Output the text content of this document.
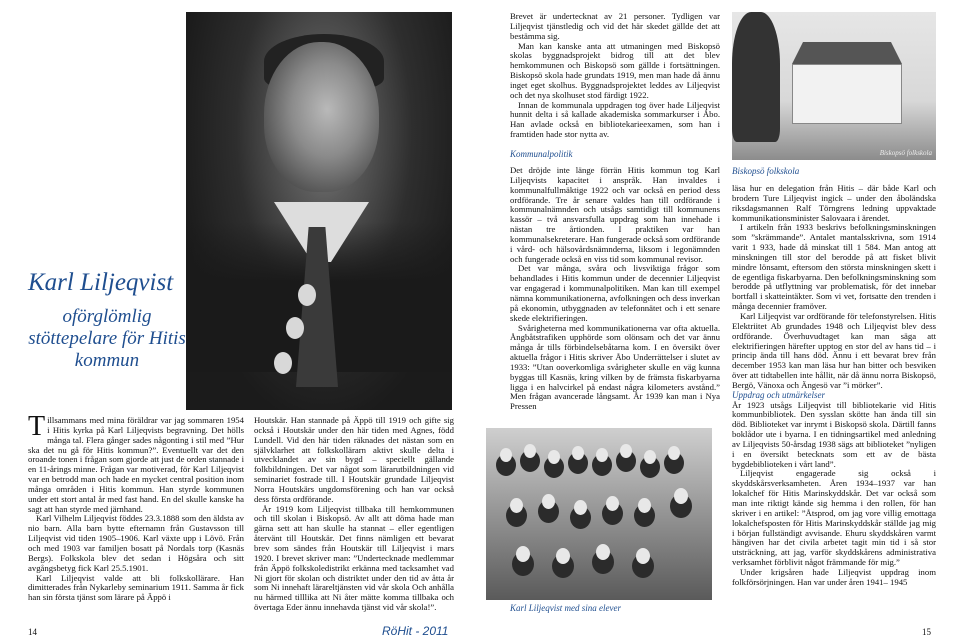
Karl Liljeqvist
oförglömlig stöttepelare för Hitis kommun

Tillsammans med mina föräldrar var jag sommaren 1954 i Hitis kyrka på Karl Liljeqvists begravning. Det hölls många tal. Flera gånger sades någonting i stil med ”Hur ska det nu gå för Hitis kommun?”. Eventuellt var det den oroande tonen i frågan som gjorde att just de orden stannade i en 11-årings minne. Frågan var motiverad, för Karl Liljeqvist var en betrodd man och hade en mycket central position inom många områden i Hitis kommun. Han styrde kommunen under ett stort antal år med fast hand. En del skulle kanske ha sagt att han styrde med järnhand.

Karl Vilhelm Liljeqvist föddes 23.3.1888 som den äldsta av nio barn. Alla barn bytte efternamn från Gustavsson till Liljeqvist vid tiden 1905–1906. Karl växte upp i Lövö. Från och med 1903 var familjen bosatt på Nordals torp (Kasnäs Bergs). Folkskola blev det sedan i Högsåra och sitt avgångsbetyg fick Karl 25.5.1901.

Karl Liljeqvist valde att bli folkskollärare. Han dimitterades från Nykarleby seminarium 1911. Samma år fick han sin första tjänst som lärare på Äppö i

Houtskär. Han stannade på Äppö till 1919 och gifte sig också i Houtskär under den här tiden med Agnes, född Lundell. Vid den här tiden räknades det nästan som en självklarhet att folkskollärarn aktivt skulle delta i utvecklandet av sin bygd – speciellt gällande folkbildningen. Det var något som lärarutbildningen vid seminariet fostrade till. I Houtskär grundade Liljeqvist Norra Houtskärs ungdomsförening och han var också dess första ordförande.

År 1919 kom Liljeqvist tillbaka till hemkommunen och till skolan i Biskopsö. Av allt att döma hade man gärna sett att han skulle ha stannat – eller egentligen återvänt till Houtskär. Det finns nämligen ett bevarat brev som sändes från Houtskär till Liljeqvist i mars 1920. I brevet skriver man: ”Undertecknade medlemmar från Äppö folkskoledistrikt erkänna med tacksamhet vad Ni gjort för skolan och distriktet under den tid av åtta år som Ni innehaft lärareltjänsten vid vår skola Och anhålla nu härmed tilllika att Ni åter mätte komma tillbaka och övertaga Eder ännu innehavda tjänst vid vår skola!”.

14	RöHit - 2011

Brevet är undertecknat av 21 personer. Tydligen var Liljeqvist tjänstledig och vid det här skedet gällde det att bestämma sig.

Man kan kanske anta att utmaningen med Biskopsö skolas byggnadsprojekt bidrog till att det blev hemkommunen och Biskopsö som gällde i fortsättningen. Biskopsö skola hade grundats 1919, men man hade då ännu inget eget skolhus. Byggnadsprojektet leddes av Liljeqvist och det nya skolhuset stod färdigt 1922.

Innan de kommunala uppdragen tog över hade Liljeqvist hunnit delta i så kallade akademiska sommarkurser i Åbo. Han avlade också en bibliotekarieexamen, som han i framtiden hade stor nytta av.

Biskopsö folkskola
Kommunalpolitik

Det dröjde inte länge förrän Hitis kommun tog Karl Liljeqvists kapacitet i anspråk. Han invaldes i kommunalfullmäktige 1922 och var också en period dess ordförande. Tre år senare valdes han till ordförande i kommunalnämnden och utsågs samtidigt till kommunens kassör – två ansvarsfulla uppdrag som han innehade i nästan tre årtionden. I praktiken var han kommunalsekreterare. Han fungerade också som ordförande i vård- och hälsovårdsnämnderna, liksom i legonämnden och fungerade också en viss tid som kommunal revisor.

Det var många, svåra och livsviktiga frågor som behandlades i Hitis kommun under de decennier Liljeqvist var engagerad i kommunalpolitiken. Man kan till exempel nämna kommunikationerna, avfolkningen och dess inverkan på ekonomin, utbyggnaden av telefonnätet och i ett senare skede elektrifieringen.

Svårigheterna med kommunikationerna var ofta aktuella. Ångbåtstrafiken upphörde som olönsam och det var ännu många år tills förbindelsebåtarna kom. I en översikt över aktuella frågor i Hitis skriver Åbo Underrättelser i slutet av 1933: ”Utan ooverkomliga svårigheter skulle en väg kunna byggas till Kasnäs, kring vilken by de främsta fiskarbyarna ligga i en halvcirkel på endast några kilometers avstånd.” Men frågan avancerade långsamt. År 1939 kan man i Nya Pressen

Biskopsö folkskola

läsa hur en delegation från Hitis – där både Karl och brodern Ture Liljeqvist ingick – under den åboländska riksdagsmannen Ralf Törngrens ledning uppvaktade kommunikationsminister Salovaara i ärendet.

I artikeln från 1933 beskrivs befolkningsminskningen som ”skrämmande”. Antalet mantalsskrivna, som 1914 varit 1 933, hade då minskat till 1 584. Man antog att minskningen till stor del berodde på att fisket blivit mindre lönsamt, eftersom den största minskningen skett i de egentliga fiskarbyarna. Den befolkningsminskning som berodde på utflyttning var problematisk, för det innebar bortfall i skatteintäkter. Som vi vet, fortsatte den trenden i många decennier framöver.

Karl Liljeqvist var ordförande för telefonstyrelsen. Hitis Elektriitet Ab grundades 1948 och Liljeqvist blev dess ordförande. Överhuvudtaget kan man säga att elektrifieringen härefter upptog en stor del av hans tid – i princip ända till hans död. Ännu i ett bevarat brev från december 1953 kan man läsa hur han bitter och besviken över att tidtabellen inte hållit, när då ännu norra Biskopsö, Bergö, Vänoxa och Ängesö var ”i mörker”.

Uppdrag och utmärkelser

År 1923 utsågs Liljeqvist till bibliotekarie vid Hitis kommunbibliotek. Den sysslan skötte han ända till sin död. Biblioteket var inrymt i Biskopsö skola. Därtill fanns boklådor ute i byarna. I en tidningsartikel med anledning av Liljeqvists 50-årsdag 1938 sägs att biblioteket ”nyligen i en översikt betecknats som ett av de bästa bygdebiblioteken i vårt land”.

Liljeqvist engagerade sig också i skyddskårsverksamheten. Åren 1934–1937 var han lokalchef för Hitis Marinskyddskår. Det var också som man inte riktigt kände sig hemma i den rollen, för han skriver i en artikel: ”Åtsprod, om jag vore villig emottaga lokalchefsposten för Hitis Marinskyddskår ställde jag mig i början fullständigt avvisande. Ehuru skyddskåren varmt hängiven har det civila arbetet tagit min tid i så stor utsträckning, att jag, varför skyddskårens administrativa verksamhet förblivit något främmande för mig.”

Under krigsåren hade Liljeqvist uppdrag inom folkförsörjningen. Han var under åren 1941– 1945

Karl Liljeqvist med sina elever
15
